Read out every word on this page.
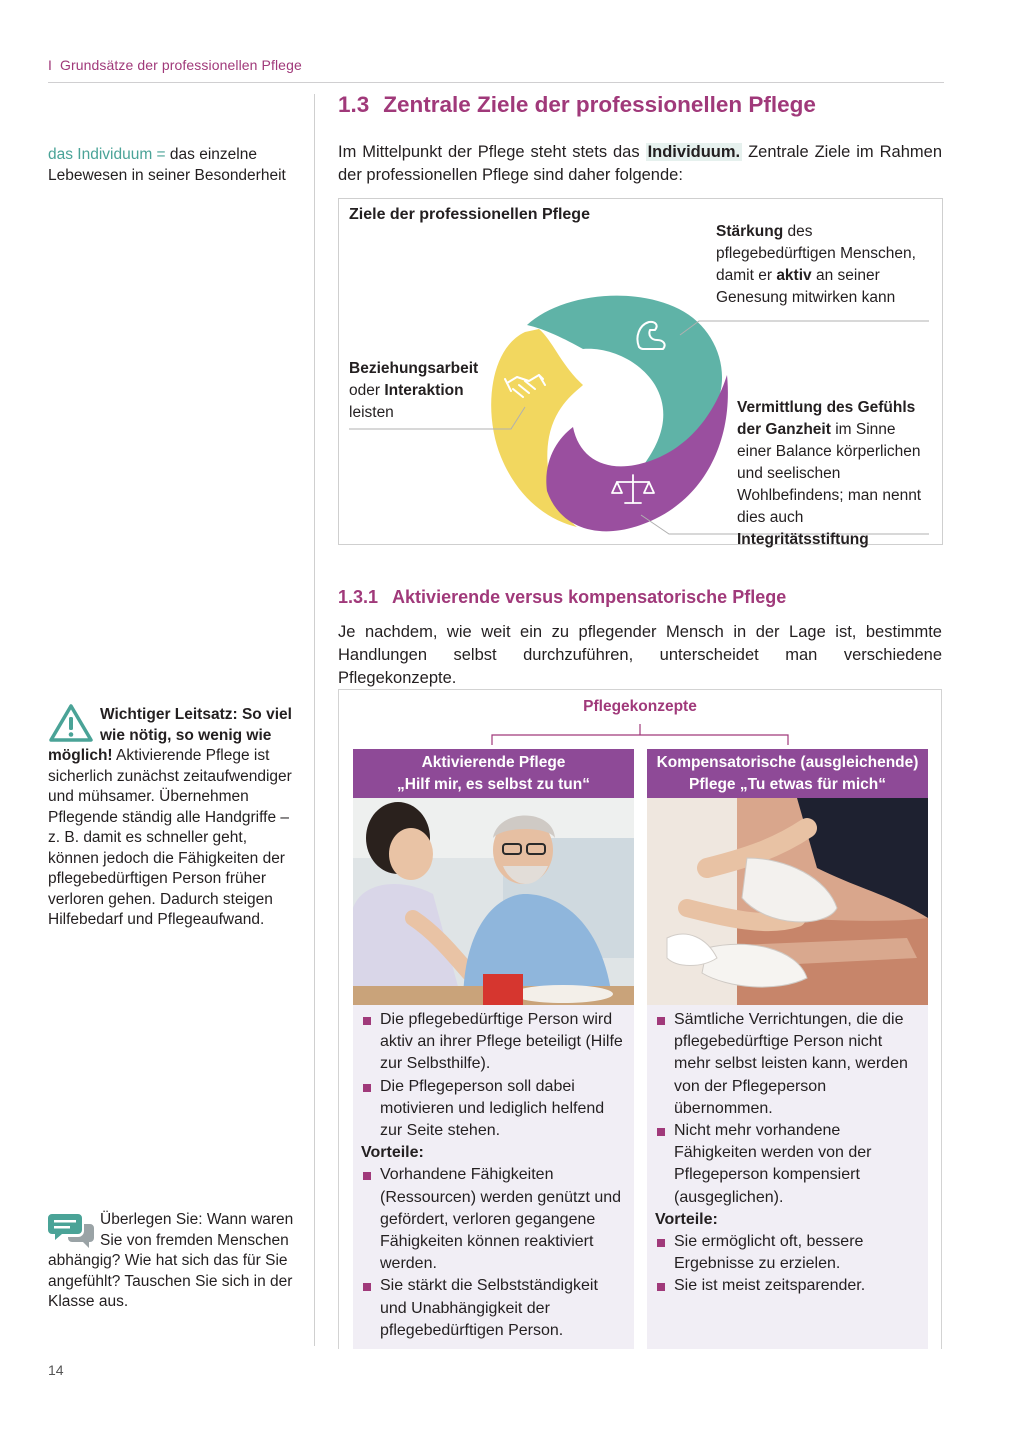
I Grundsätze der professionellen Pflege
das Individuum = das einzelne Lebewesen in seiner Besonderheit
Wichtiger Leitsatz: So viel wie nötig, so wenig wie möglich! Aktivierende Pflege ist sicherlich zunächst zeitaufwendiger und mühsamer. Übernehmen Pflegende ständig alle Handgriffe – z. B. damit es schneller geht, können jedoch die Fähigkeiten der pflegebedürftigen Person früher verloren gehen. Dadurch steigen Hilfebedarf und Pflegeaufwand.
Überlegen Sie: Wann waren Sie von fremden Menschen abhängig? Wie hat sich das für Sie angefühlt? Tauschen Sie sich in der Klasse aus.
1.3 Zentrale Ziele der professionellen Pflege
Im Mittelpunkt der Pflege steht stets das Individuum. Zentrale Ziele im Rahmen der professionellen Pflege sind daher folgende:
Ziele der professionellen Pflege
Stärkung des pflegebedürftigen Menschen, damit er aktiv an seiner Genesung mitwirken kann
Beziehungsarbeit oder Interaktion leisten	Vermittlung des Gefühls der Ganzheit im Sinne einer Balance körperlichen und seelischen Wohlbefindens; man nennt dies auch Integritätsstiftung
1.3.1 Aktivierende versus kompensatorische Pflege
Je nachdem, wie weit ein zu pflegender Mensch in der Lage ist, bestimmte Handlungen selbst durchzuführen, unterscheidet man verschiedene Pflegekonzepte.
Pflegekonzepte
Aktivierende Pflege
„Hilf mir, es selbst zu tun“
Die pflegebedürftige Person wird aktiv an ihrer Pflege beteiligt (Hilfe zur Selbsthilfe).
Die Pflegeperson soll dabei motivieren und lediglich helfend zur Seite stehen.
Vorteile:
Vorhandene Fähigkeiten (Ressourcen) werden genützt und gefördert, verloren gegangene Fähigkeiten können reaktiviert werden.
Sie stärkt die Selbstständigkeit und Unabhängigkeit der pflegebedürftigen Person.
Kompensatorische (ausgleichende)
Pflege „Tu etwas für mich“
Sämtliche Verrichtungen, die die pflegebedürftige Person nicht mehr selbst leisten kann, werden von der Pflegeperson übernommen.
Nicht mehr vorhandene Fähigkeiten werden von der Pflegeperson kompensiert (ausgeglichen).
Vorteile:
Sie ermöglicht oft, bessere Ergebnisse zu erzielen.
Sie ist meist zeitsparender.
14
